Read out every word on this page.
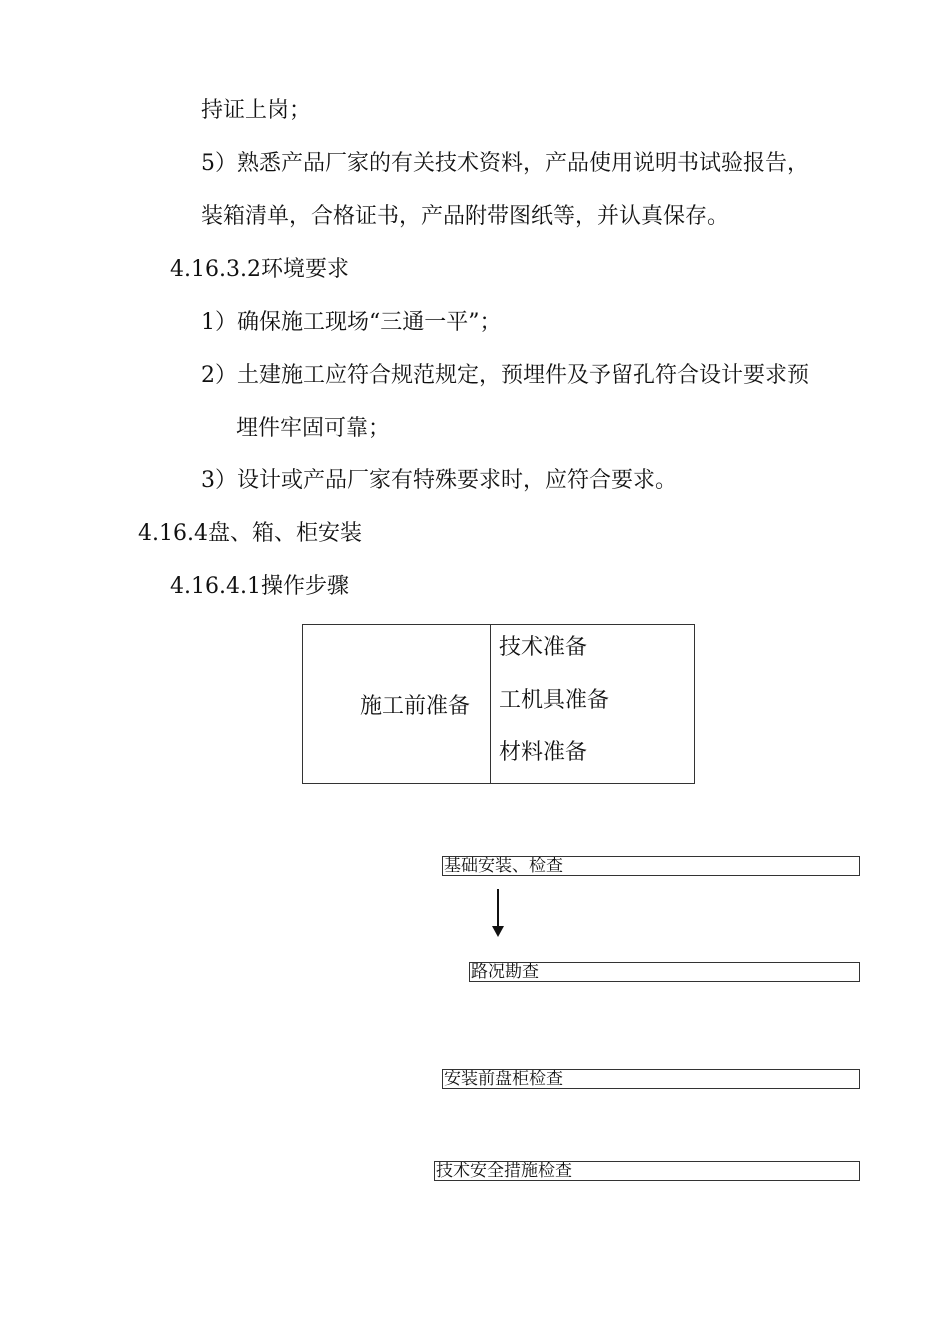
持证上岗；
5）熟悉产品厂家的有关技术资料，产品使用说明书试验报告，
装箱清单，合格证书，产品附带图纸等，并认真保存。
4.16.3.2环境要求
1）确保施工现场“三通一平”；
2）土建施工应符合规范规定，预埋件及予留孔符合设计要求预
埋件牢固可靠；
3）设计或产品厂家有特殊要求时，应符合要求。
4.16.4盘、箱、柜安装
4.16.4.1操作步骤
施工前准备
技术准备
工机具准备
材料准备
基础安装、检查
路况勘查
安装前盘柜检查
技术安全措施检查
